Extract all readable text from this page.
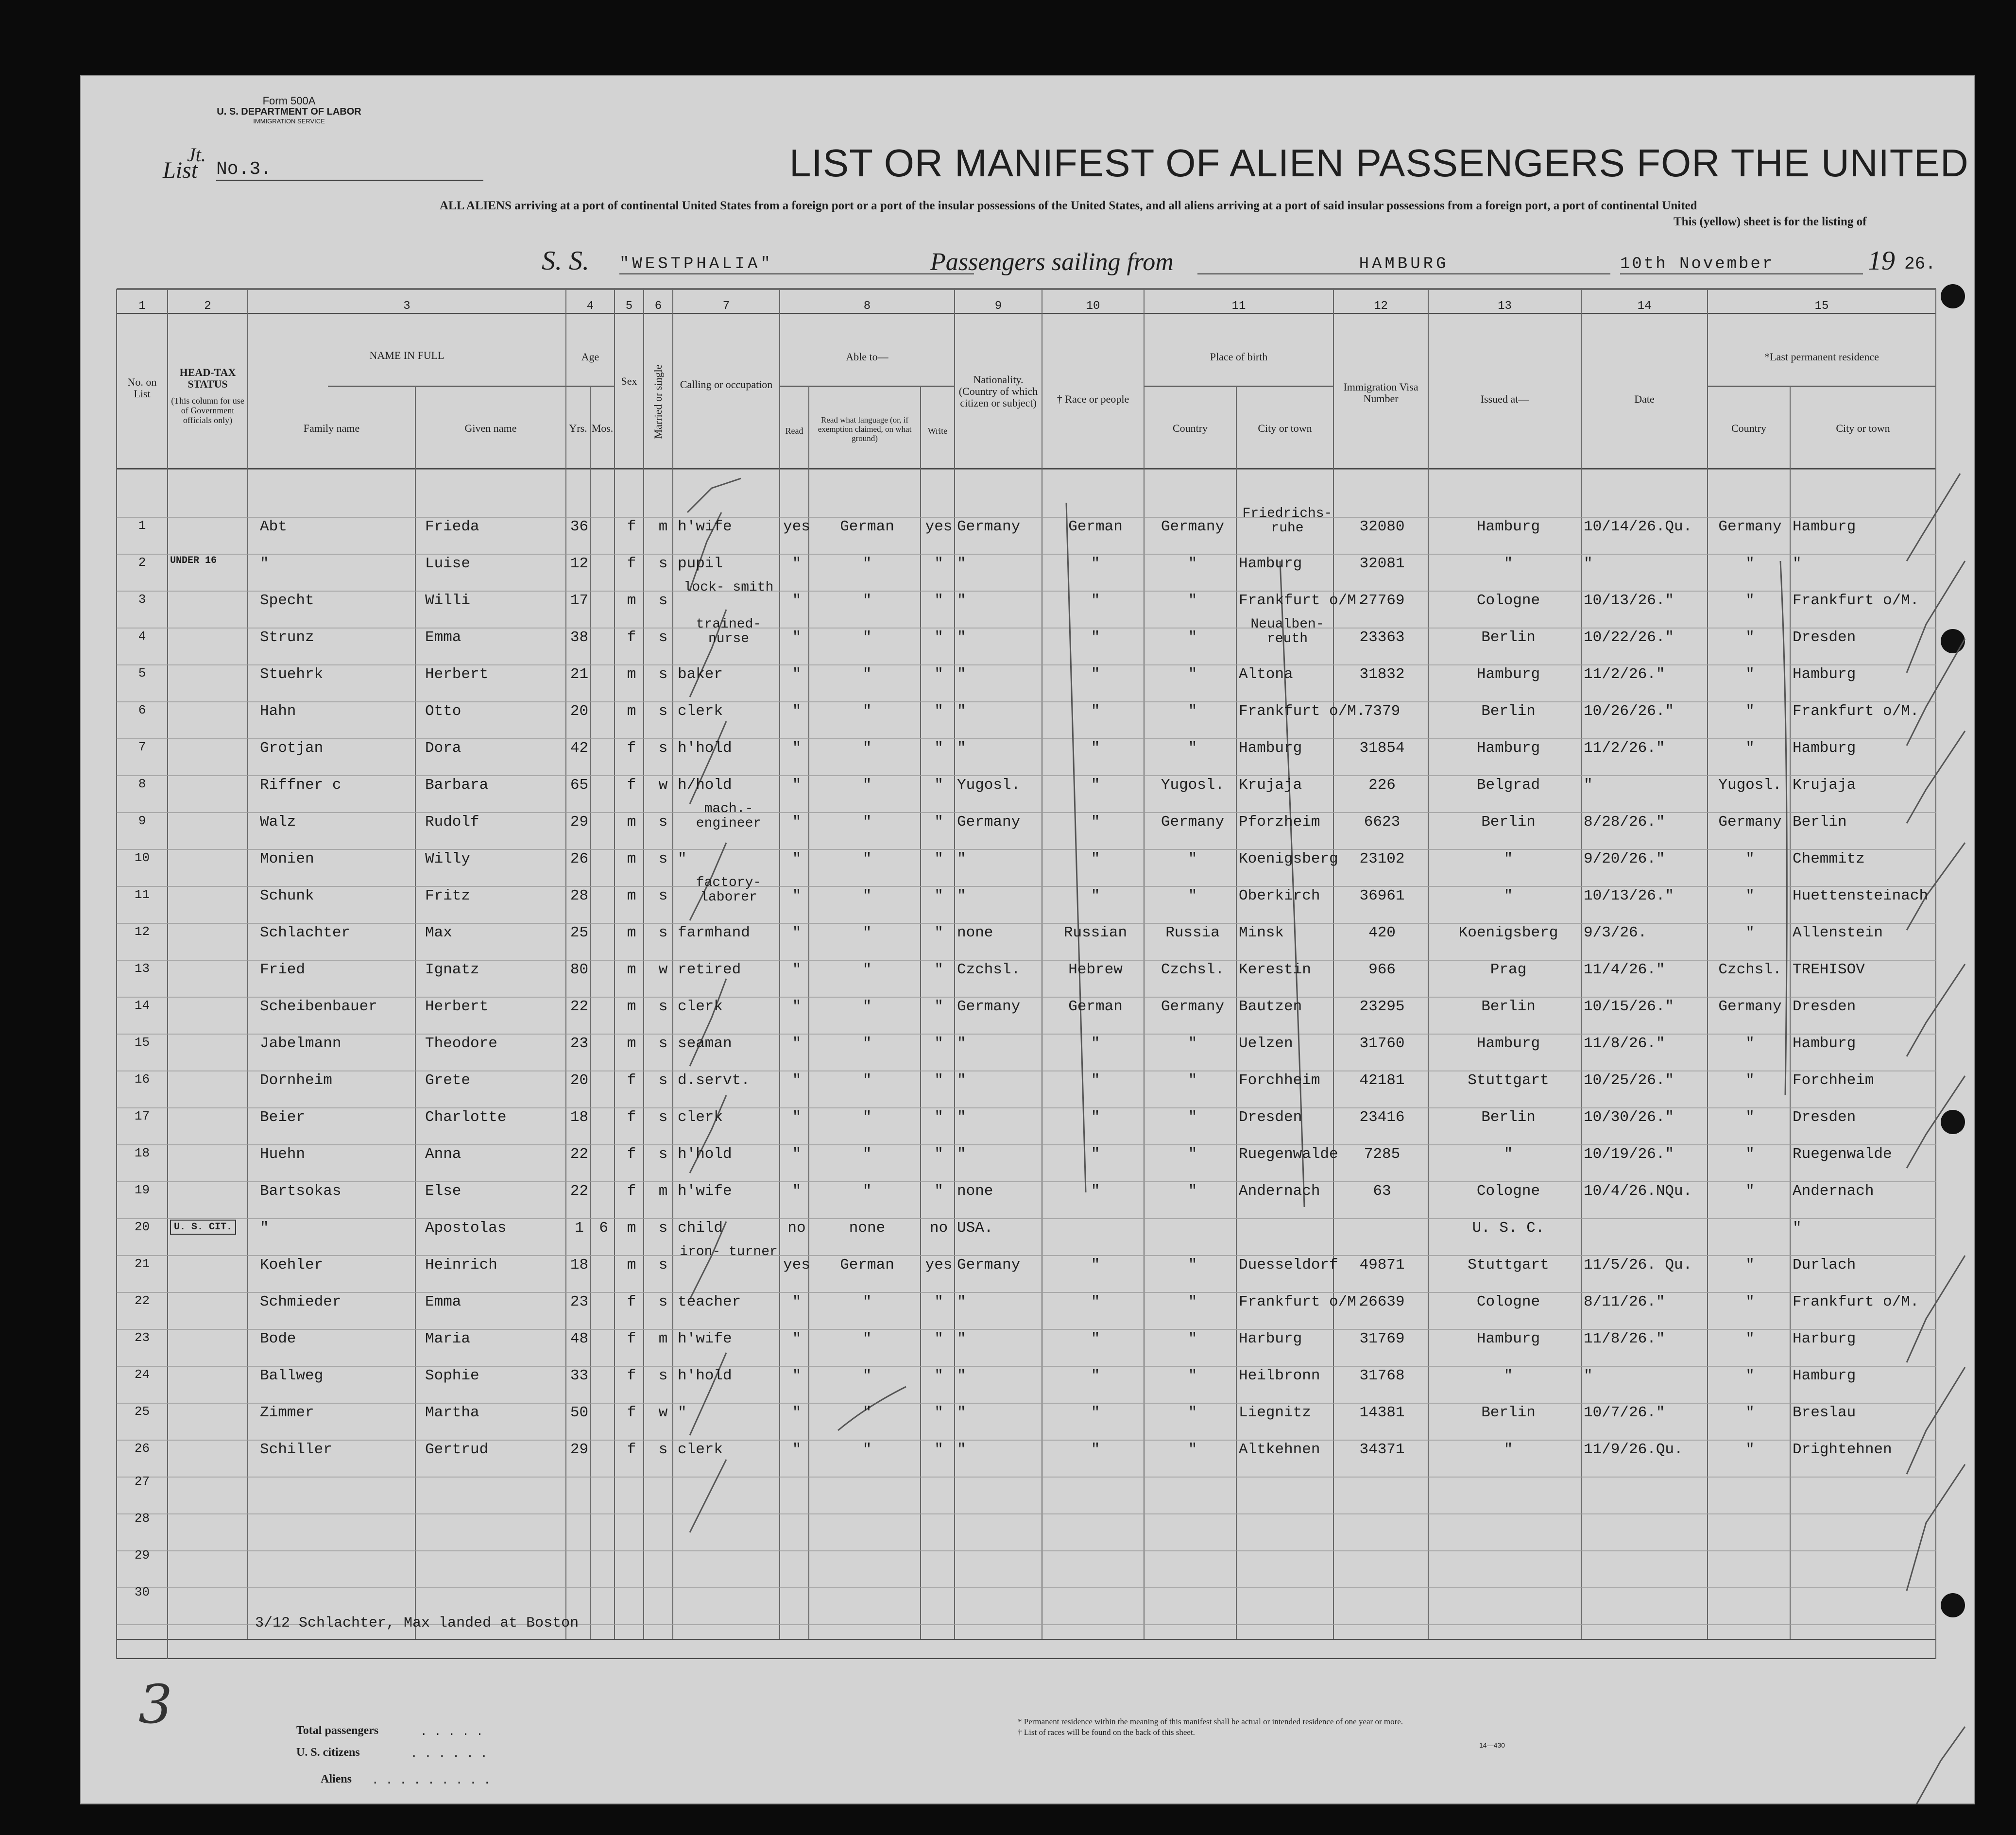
Form 500A
U. S. DEPARTMENT OF LABOR
IMMIGRATION SERVICE
Jt.
List No.3.	LIST OR MANIFEST OF ALIEN PASSENGERS FOR THE UNITED
ALL ALIENS arriving at a port of continental United States from a foreign port or a port of the insular possessions of the United States, and all aliens arriving at a port of said insular possessions from a foreign port, a port of continental United
This (yellow) sheet is for the listing of
S. S. "WESTPHALIA"	Passengers sailing from	HAMBURG	10th November	19 26.
1	2	3	4	5	6	7	8	9	10	11	12	13	14	15
No. on List
HEAD-TAX STATUS
(This column for use of Government officials only)
NAME IN FULL
Family name	Given name
Age
Yrs. Mos.
Sex	Married or single	Calling or occupation
Able to—
Read
Read what language (or, if exemption claimed, on what ground)
Write
Nationality. (Country of which citizen or subject)	† Race or people
Place of birth
Country	City or town
Immigration Visa Number	Issued at—	Date
*Last permanent residence
Country	City or town
1	Abt	Frieda	36	f	m h'wife	yes	German	yes Germany	German	Germany
Friedrichs- ruhe	32080	Hamburg	10/14/26.Qu.	Germany Hamburg
2	UNDER 16	"	Luise	12	f	s pupil	"	"	" "	"	"	Hamburg	32081	"	"	"	"
3	Specht	Willi	17	m	s
lock- smith
"	"	" "	"	"	Frankfurt o/M.
27769	Cologne	10/13/26."	"	Frankfurt o/M.
4	Strunz	Emma	38	f	s
trained- nurse	"	"	" "	"	"
Neualben- reuth	23363	Berlin	10/22/26."	"	Dresden
5	Stuehrk	Herbert	21	m	s baker	"	"	" "	"	"	Altona	31832	Hamburg	11/2/26."	"	Hamburg
6	Hahn	Otto	20	m	s clerk	"	"	" "	"	"	Frankfurt o/M.
7379	Berlin	10/26/26."	"	Frankfurt o/M.
7	Grotjan	Dora	42	f	s h'hold	"	"	" "	"	"	Hamburg	31854	Hamburg	11/2/26."	"	Hamburg
8	Riffner c	Barbara	65	f	w h/hold	"	"	" Yugosl.	"	Yugosl. Krujaja	226	Belgrad	"	Yugosl. Krujaja
9	Walz	Rudolf	29	m	s
mach.- engineer	"	"	" Germany	"	Germany Pforzheim	6623	Berlin	8/28/26."	Germany Berlin
10	Monien	Willy	26	m	s "	"	"	" "	"	"	Koenigsberg	23102	"	9/20/26."	"	Chemmitz
11	Schunk	Fritz	28	m	s
factory- laborer	"	"	" "	"	"	Oberkirch	36961	"	10/13/26."	"	Huettensteinach
12	Schlachter	Max	25	m	s farmhand	"	"	" none	Russian	Russia	Minsk	420	Koenigsberg	9/3/26.	"	Allenstein
13	Fried	Ignatz	80	m	w retired	"	"	" Czchsl.	Hebrew	Czchsl. Kerestin	966	Prag	11/4/26."	Czchsl. TREHISOV
14	Scheibenbauer	Herbert	22	m	s clerk	"	"	" Germany	German	Germany Bautzen	23295	Berlin	10/15/26."	Germany Dresden
15	Jabelmann	Theodore	23	m	s seaman	"	"	" "	"	"	Uelzen	31760	Hamburg	11/8/26."	"	Hamburg
16	Dornheim	Grete	20	f	s d.servt.	"	"	" "	"	"	Forchheim	42181	Stuttgart	10/25/26."	"	Forchheim
17	Beier	Charlotte	18	f	s clerk	"	"	" "	"	"	Dresden	23416	Berlin	10/30/26."	"	Dresden
18	Huehn	Anna	22	f	s h'hold	"	"	" "	"	"	Ruegenwalde	7285	"	10/19/26."	"	Ruegenwalde
19	Bartsokas	Else	22	f	m h'wife	"	"	" none	"	"	Andernach	63	Cologne	10/4/26.NQu.	"	Andernach
20	U. S. CIT. "	Apostolas	1	6	m	s child	no	none	no USA.	U. S. C.	"
21	Koehler	Heinrich	18	m	s
iron- turner
yes	German	yes Germany	"	"	Duesseldorf	49871	Stuttgart	11/5/26. Qu.	"	Durlach
22	Schmieder	Emma	23	f	s teacher	"	"	" "	"	"	Frankfurt o/M.
26639	Cologne	8/11/26."	"	Frankfurt o/M.
23	Bode	Maria	48	f	m h'wife	"	"	" "	"	"	Harburg	31769	Hamburg	11/8/26."	"	Harburg
24	Ballweg	Sophie	33	f	s h'hold	"	"	" "	"	"	Heilbronn	31768	"	"	"	Hamburg
25	Zimmer	Martha	50	f	w "	"	"	" "	"	"	Liegnitz	14381	Berlin	10/7/26."	"	Breslau
26	Schiller	Gertrud	29	f	s clerk	"	"	" "	"	"	Altkehnen	34371	"	11/9/26.Qu.	"	Drightehnen
27
28
29
30
3/12 Schlachter, Max landed at Boston
3	Total passengers	. . . . .
U. S. citizens	. . . . . .
Aliens . . . . . . . . .
* Permanent residence within the meaning of this manifest shall be actual or intended residence of one year or more.
† List of races will be found on the back of this sheet.
14—430
